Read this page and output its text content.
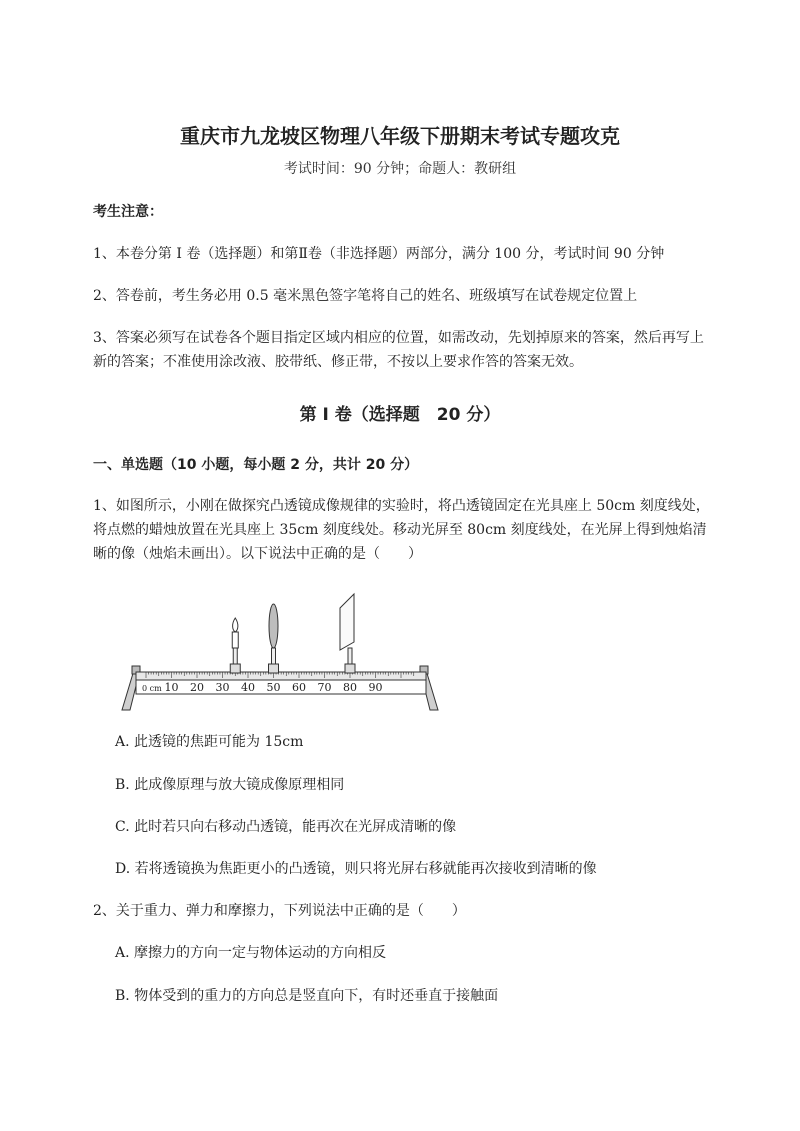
重庆市九龙坡区物理八年级下册期末考试专题攻克
考试时间：90 分钟；命题人：教研组
考生注意：
1、本卷分第 I 卷（选择题）和第Ⅱ卷（非选择题）两部分，满分 100 分，考试时间 90 分钟
2、答卷前，考生务必用 0.5 毫米黑色签字笔将自己的姓名、班级填写在试卷规定位置上
3、答案必须写在试卷各个题目指定区域内相应的位置，如需改动，先划掉原来的答案，然后再写上新的答案；不准使用涂改液、胶带纸、修正带，不按以上要求作答的答案无效。
第 I 卷（选择题　20 分）
一、单选题（10 小题，每小题 2 分，共计 20 分）
1、如图所示，小刚在做探究凸透镜成像规律的实验时，将凸透镜固定在光具座上 50cm 刻度线处，将点燃的蜡烛放置在光具座上 35cm 刻度线处。移动光屏至 80cm 刻度线处，在光屏上得到烛焰清晰的像（烛焰未画出）。以下说法中正确的是（　　）
0 cm 10 20 30 40 50 60 70 80 90
A. 此透镜的焦距可能为 15cm
B. 此成像原理与放大镜成像原理相同
C. 此时若只向右移动凸透镜，能再次在光屏成清晰的像
D. 若将透镜换为焦距更小的凸透镜，则只将光屏右移就能再次接收到清晰的像
2、关于重力、弹力和摩擦力，下列说法中正确的是（　　）
A. 摩擦力的方向一定与物体运动的方向相反
B. 物体受到的重力的方向总是竖直向下，有时还垂直于接触面
